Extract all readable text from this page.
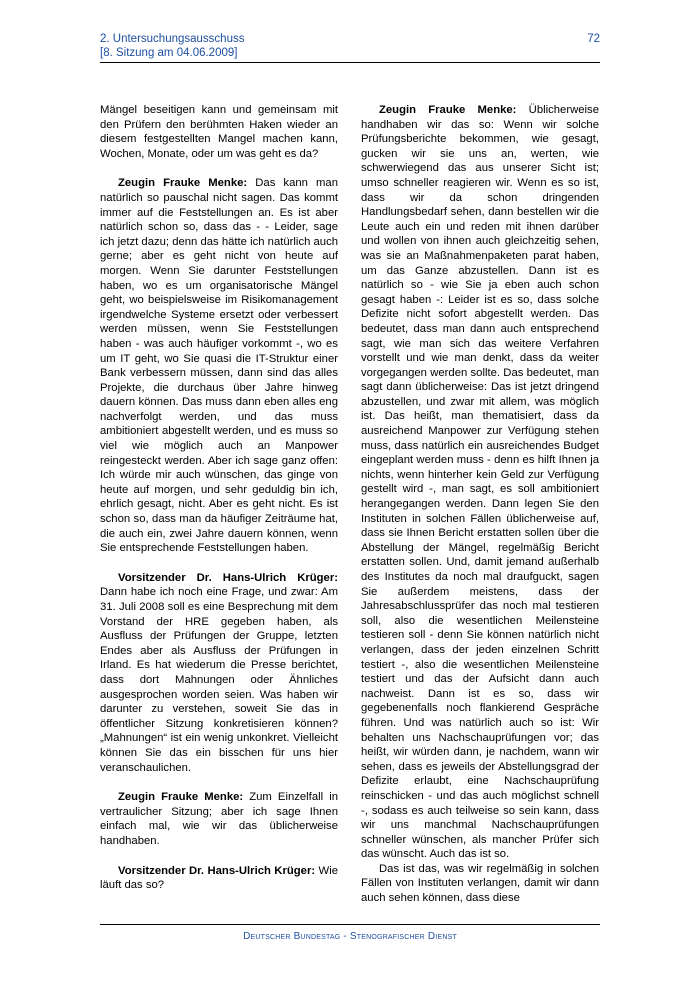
2. Untersuchungsausschuss
[8. Sitzung am 04.06.2009]
72

Mängel beseitigen kann und gemeinsam mit den Prüfern den berühmten Haken wieder an diesem festgestellten Mangel machen kann, Wochen, Monate, oder um was geht es da?

Zeugin Frauke Menke: Das kann man natürlich so pauschal nicht sagen. Das kommt immer auf die Feststellungen an. Es ist aber natürlich schon so, dass das - - Leider, sage ich jetzt dazu; denn das hätte ich natürlich auch gerne; aber es geht nicht von heute auf morgen. Wenn Sie darunter Feststellungen haben, wo es um organisatorische Mängel geht, wo beispielsweise im Risikomanagement irgendwelche Systeme ersetzt oder verbessert werden müssen, wenn Sie Feststellungen haben - was auch häufiger vorkommt -, wo es um IT geht, wo Sie quasi die IT-Struktur einer Bank verbessern müssen, dann sind das alles Projekte, die durchaus über Jahre hinweg dauern können. Das muss dann eben alles eng nachverfolgt werden, und das muss ambitioniert abgestellt werden, und es muss so viel wie möglich auch an Manpower reingesteckt werden. Aber ich sage ganz offen: Ich würde mir auch wünschen, das ginge von heute auf morgen, und sehr geduldig bin ich, ehrlich gesagt, nicht. Aber es geht nicht. Es ist schon so, dass man da häufiger Zeiträume hat, die auch ein, zwei Jahre dauern können, wenn Sie entsprechende Feststellungen haben.

Vorsitzender Dr. Hans-Ulrich Krüger: Dann habe ich noch eine Frage, und zwar: Am 31. Juli 2008 soll es eine Besprechung mit dem Vorstand der HRE gegeben haben, als Ausfluss der Prüfungen der Gruppe, letzten Endes aber als Ausfluss der Prüfungen in Irland. Es hat wiederum die Presse berichtet, dass dort Mahnungen oder Ähnliches ausgesprochen worden seien. Was haben wir darunter zu verstehen, soweit Sie das in öffentlicher Sitzung konkretisieren können? „Mahnungen“ ist ein wenig unkonkret. Vielleicht können Sie das ein bisschen für uns hier veranschaulichen.

Zeugin Frauke Menke: Zum Einzelfall in vertraulicher Sitzung; aber ich sage Ihnen einfach mal, wie wir das üblicherweise handhaben.

Vorsitzender Dr. Hans-Ulrich Krüger: Wie läuft das so?

Zeugin Frauke Menke: Üblicherweise handhaben wir das so: Wenn wir solche Prüfungsberichte bekommen, wie gesagt, gucken wir sie uns an, werten, wie schwerwiegend das aus unserer Sicht ist; umso schneller reagieren wir. Wenn es so ist, dass wir da schon dringenden Handlungsbedarf sehen, dann bestellen wir die Leute auch ein und reden mit ihnen darüber und wollen von ihnen auch gleichzeitig sehen, was sie an Maßnahmenpaketen parat haben, um das Ganze abzustellen. Dann ist es natürlich so - wie Sie ja eben auch schon gesagt haben -: Leider ist es so, dass solche Defizite nicht sofort abgestellt werden. Das bedeutet, dass man dann auch entsprechend sagt, wie man sich das weitere Verfahren vorstellt und wie man denkt, dass da weiter vorgegangen werden sollte. Das bedeutet, man sagt dann üblicherweise: Das ist jetzt dringend abzustellen, und zwar mit allem, was möglich ist. Das heißt, man thematisiert, dass da ausreichend Manpower zur Verfügung stehen muss, dass natürlich ein ausreichendes Budget eingeplant werden muss - denn es hilft Ihnen ja nichts, wenn hinterher kein Geld zur Verfügung gestellt wird -, man sagt, es soll ambitioniert herangegangen werden. Dann legen Sie den Instituten in solchen Fällen üblicherweise auf, dass sie Ihnen Bericht erstatten sollen über die Abstellung der Mängel, regelmäßig Bericht erstatten sollen. Und, damit jemand außerhalb des Institutes da noch mal draufguckt, sagen Sie außerdem meistens, dass der Jahresabschlussprüfer das noch mal testieren soll, also die wesentlichen Meilensteine testieren soll - denn Sie können natürlich nicht verlangen, dass der jeden einzelnen Schritt testiert -, also die wesentlichen Meilensteine testiert und das der Aufsicht dann auch nachweist. Dann ist es so, dass wir gegebenenfalls noch flankierend Gespräche führen. Und was natürlich auch so ist: Wir behalten uns Nachschauprüfungen vor; das heißt, wir würden dann, je nachdem, wann wir sehen, dass es jeweils der Abstellungsgrad der Defizite erlaubt, eine Nachschauprüfung reinschicken - und das auch möglichst schnell -, sodass es auch teilweise so sein kann, dass wir uns manchmal Nachschauprüfungen schneller wünschen, als mancher Prüfer sich das wünscht. Auch das ist so.

Das ist das, was wir regelmäßig in solchen Fällen von Instituten verlangen, damit wir dann auch sehen können, dass diese

Deutscher Bundestag - Stenografischer Dienst
